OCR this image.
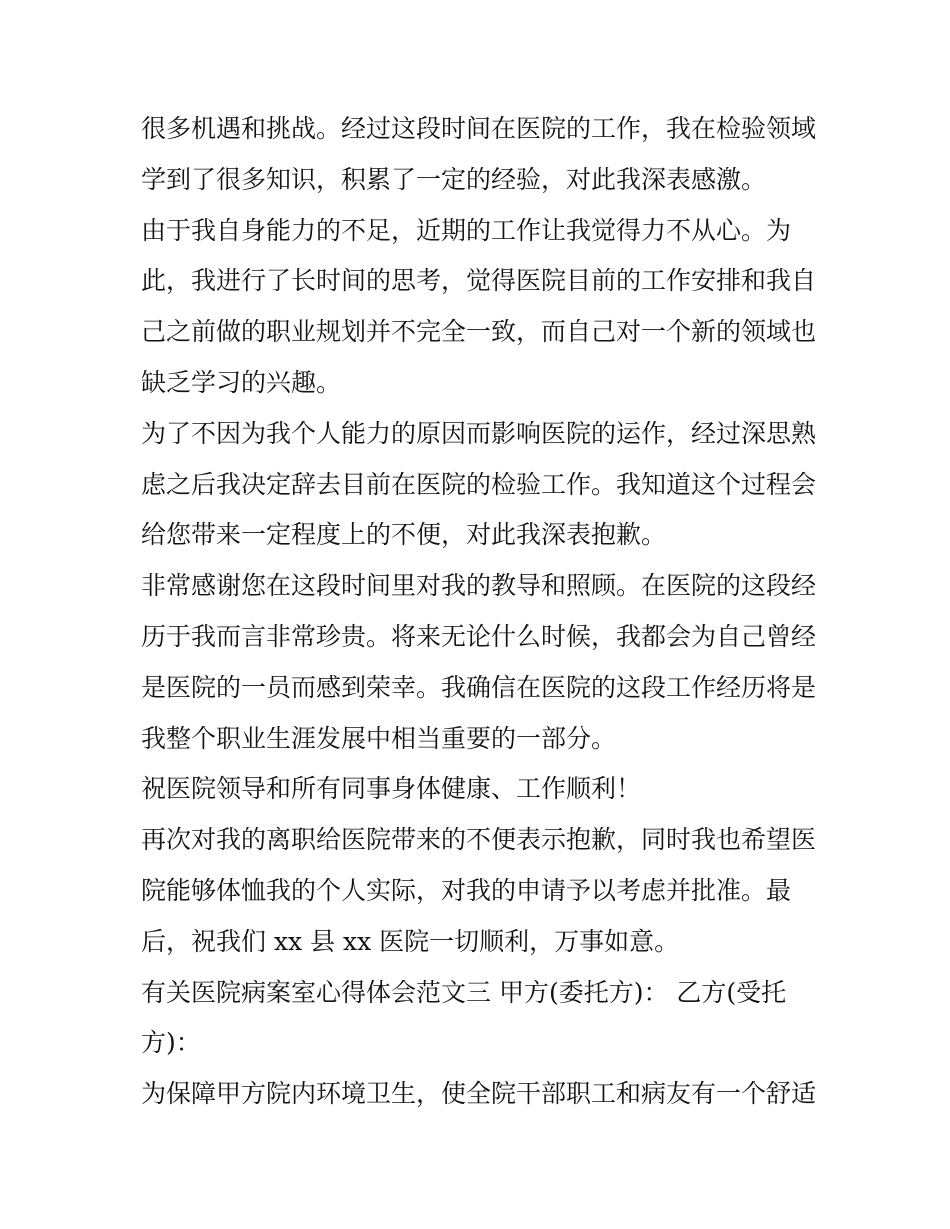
很多机遇和挑战。经过这段时间在医院的工作，我在检验领域
学到了很多知识，积累了一定的经验，对此我深表感激。
由于我自身能力的不足，近期的工作让我觉得力不从心。为
此，我进行了长时间的思考，觉得医院目前的工作安排和我自
己之前做的职业规划并不完全一致，而自己对一个新的领域也
缺乏学习的兴趣。
为了不因为我个人能力的原因而影响医院的运作，经过深思熟
虑之后我决定辞去目前在医院的检验工作。我知道这个过程会
给您带来一定程度上的不便，对此我深表抱歉。
非常感谢您在这段时间里对我的教导和照顾。在医院的这段经
历于我而言非常珍贵。将来无论什么时候，我都会为自己曾经
是医院的一员而感到荣幸。我确信在医院的这段工作经历将是
我整个职业生涯发展中相当重要的一部分。
祝医院领导和所有同事身体健康、工作顺利！
再次对我的离职给医院带来的不便表示抱歉，同时我也希望医
院能够体恤我的个人实际，对我的申请予以考虑并批准。最
后，祝我们 xx 县 xx 医院一切顺利，万事如意。
有关医院病案室心得体会范文三 甲方(委托方)： 乙方(受托
方)：
为保障甲方院内环境卫生，使全院干部职工和病友有一个舒适
